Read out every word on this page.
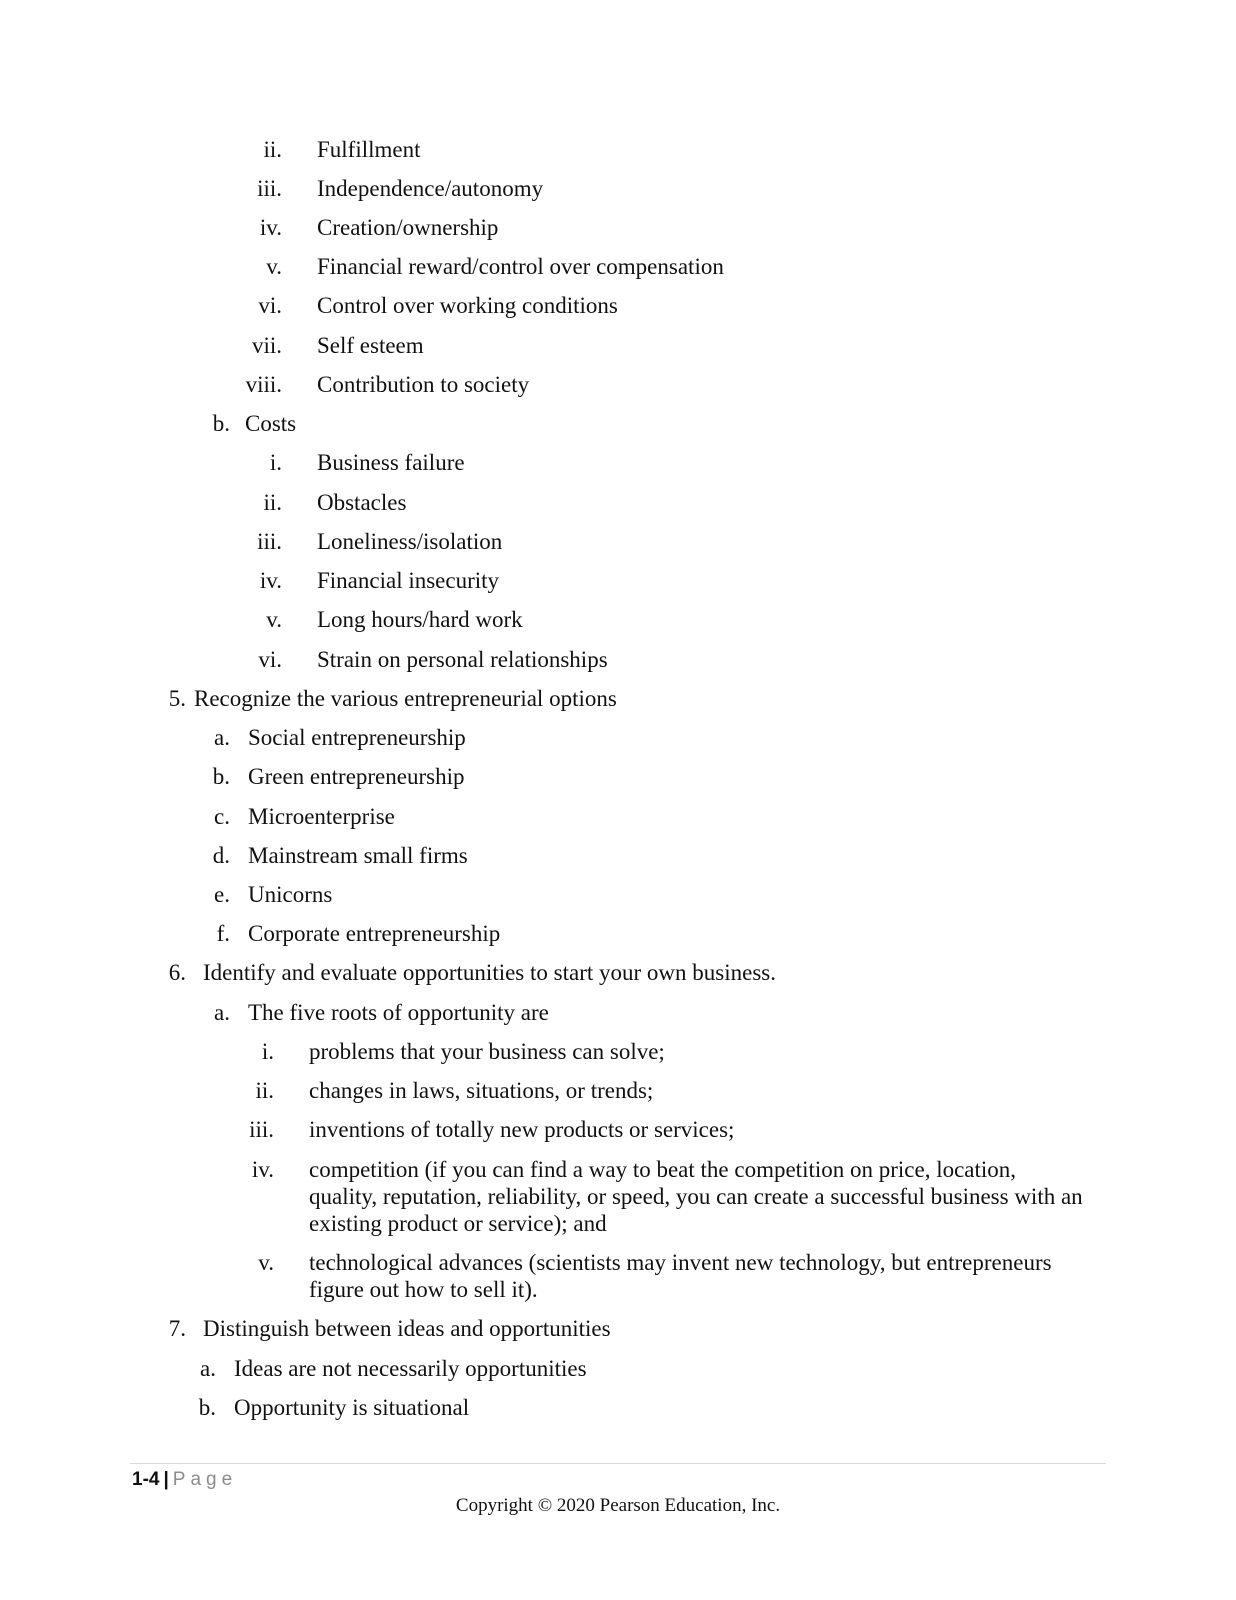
ii. Fulfillment
iii. Independence/autonomy
iv. Creation/ownership
v. Financial reward/control over compensation
vi. Control over working conditions
vii. Self esteem
viii. Contribution to society
b. Costs
i. Business failure
ii. Obstacles
iii. Loneliness/isolation
iv. Financial insecurity
v. Long hours/hard work
vi. Strain on personal relationships
5. Recognize the various entrepreneurial options
a. Social entrepreneurship
b. Green entrepreneurship
c. Microenterprise
d. Mainstream small firms
e. Unicorns
f. Corporate entrepreneurship
6. Identify and evaluate opportunities to start your own business.
a. The five roots of opportunity are
i. problems that your business can solve;
ii. changes in laws, situations, or trends;
iii. inventions of totally new products or services;
iv. competition (if you can find a way to beat the competition on price, location, quality, reputation, reliability, or speed, you can create a successful business with an existing product or service); and
v. technological advances (scientists may invent new technology, but entrepreneurs figure out how to sell it).
7. Distinguish between ideas and opportunities
a. Ideas are not necessarily opportunities
b. Opportunity is situational
1-4 | Page
Copyright © 2020 Pearson Education, Inc.
